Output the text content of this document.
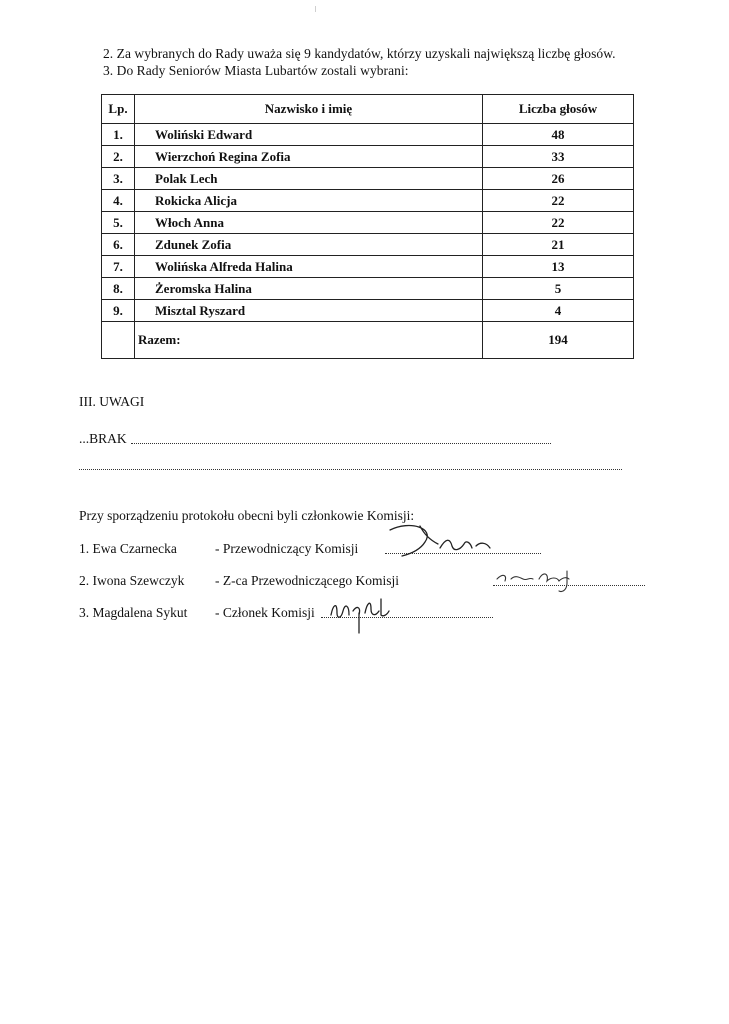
2. Za wybranych do Rady uważa się 9 kandydatów, którzy uzyskali największą liczbę głosów.
3. Do Rady Seniorów Miasta Lubartów zostali wybrani:
Lp.	Nazwisko i imię	Liczba głosów
1.	Woliński Edward	48
2.	Wierzchoń Regina Zofia	33
3.	Polak Lech	26
4.	Rokicka Alicja	22
5.	Włoch Anna	22
6.	Zdunek Zofia	21
7.	Wolińska Alfreda Halina	13
8.	Żeromska Halina	5
9.	Misztal Ryszard	4
	Razem:	194
III. UWAGI
...BRAK
Przy sporządzeniu protokołu obecni byli członkowie Komisji:
1. Ewa Czarnecka	- Przewodniczący Komisji
2. Iwona Szewczyk - Z-ca Przewodniczącego Komisji
3. Magdalena Sykut - Członek Komisji
